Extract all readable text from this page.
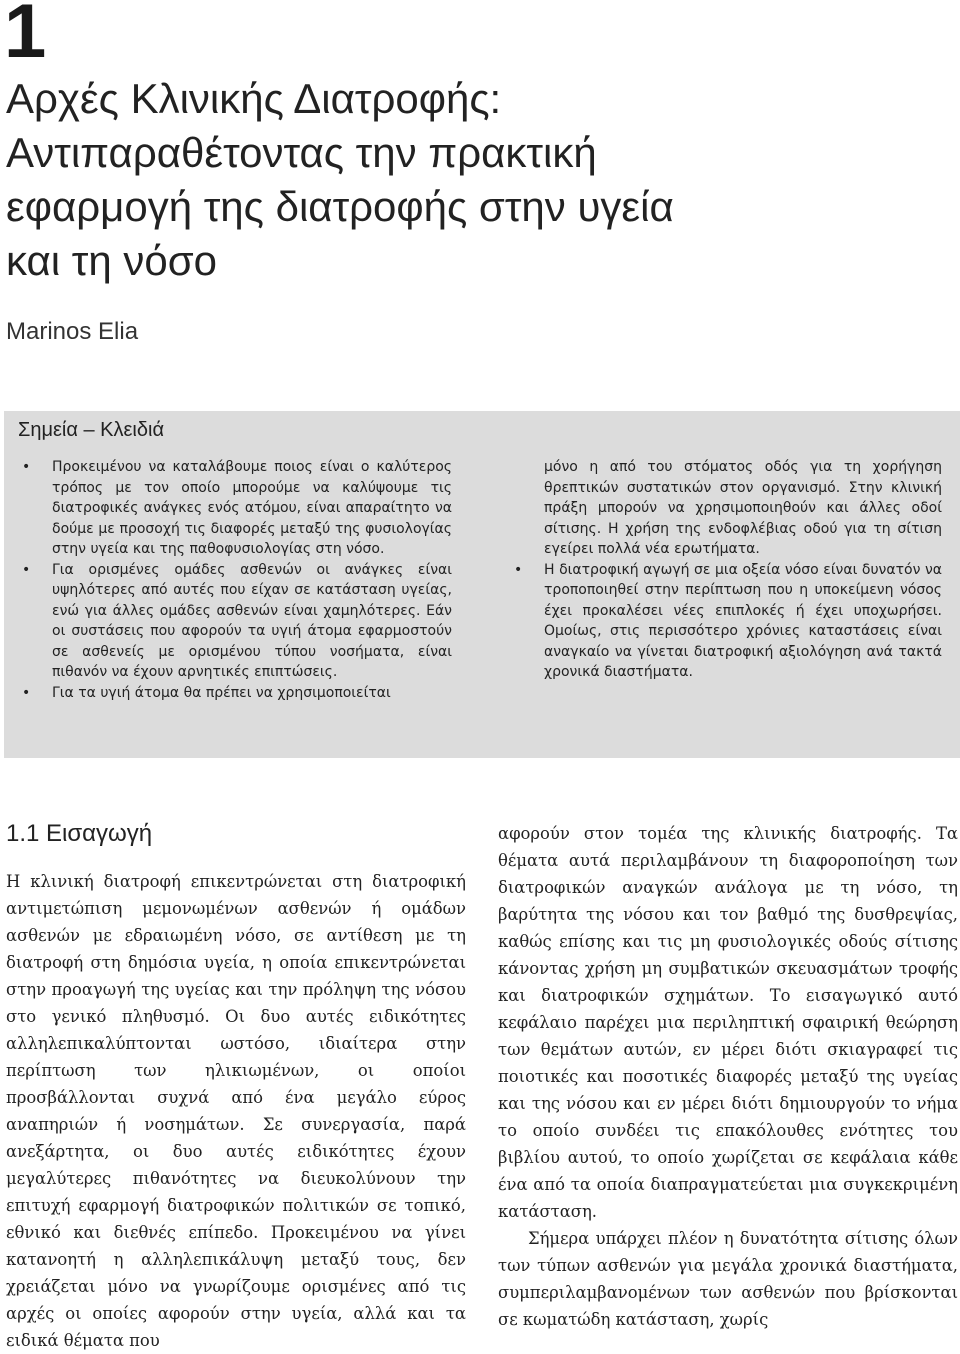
1
Αρχές Κλινικής Διατροφής:
Αντιπαραθέτοντας την πρακτική
εφαρμογή της διατροφής στην υγεία
και τη νόσο
Marinos Elia
Σημεία – Κλειδιά
• Προκειμένου να καταλάβουμε ποιος είναι ο καλύτερος τρόπος με τον οποίο μπορούμε να καλύψουμε τις διατροφικές ανάγκες ενός ατόμου, είναι απαραίτητο να δούμε με προσοχή τις διαφορές μεταξύ της φυσιολογίας στην υγεία και της παθοφυσιολογίας στη νόσο.
• Για ορισμένες ομάδες ασθενών οι ανάγκες είναι υψηλότερες από αυτές που είχαν σε κατάσταση υγείας, ενώ για άλλες ομάδες ασθενών είναι χαμηλότερες. Εάν οι συστάσεις που αφορούν τα υγιή άτομα εφαρμοστούν σε ασθενείς με ορισμένου τύπου νοσήματα, είναι πιθανόν να έχουν αρνητικές επιπτώσεις.
• Για τα υγιή άτομα θα πρέπει να χρησιμοποιείται
μόνο η από του στόματος οδός για τη χορήγηση θρεπτικών συστατικών στον οργανισμό. Στην κλινική πράξη μπορούν να χρησιμοποιηθούν και άλλες οδοί σίτισης. Η χρήση της ενδοφλέβιας οδού για τη σίτιση εγείρει πολλά νέα ερωτήματα.
• Η διατροφική αγωγή σε μια οξεία νόσο είναι δυνατόν να τροποποιηθεί στην περίπτωση που η υποκείμενη νόσος έχει προκαλέσει νέες επιπλοκές ή έχει υποχωρήσει. Ομοίως, στις περισσότερο χρόνιες καταστάσεις είναι αναγκαίο να γίνεται διατροφική αξιολόγηση ανά τακτά χρονικά διαστήματα.
1.1 Εισαγωγή

Η κλινική διατροφή επικεντρώνεται στη διατροφική αντιμετώπιση μεμονωμένων ασθενών ή ομάδων ασθενών με εδραιωμένη νόσο, σε αντίθεση με τη διατροφή στη δημόσια υγεία, η οποία επικεντρώνεται στην προαγωγή της υγείας και την πρόληψη της νόσου στο γενικό πληθυσμό. Οι δυο αυτές ειδικότητες αλληλεπικαλύπτονται ωστόσο, ιδιαίτερα στην περίπτωση των ηλικιωμένων, οι οποίοι προσβάλλονται συχνά από ένα μεγάλο εύρος αναπηριών ή νοσημάτων. Σε συνεργασία, παρά ανεξάρτητα, οι δυο αυτές ειδικότητες έχουν μεγαλύτερες πιθανότητες να διευκολύνουν την επιτυχή εφαρμογή διατροφικών πολιτικών σε τοπικό, εθνικό και διεθνές επίπεδο. Προκειμένου να γίνει κατανοητή η αλληλεπικάλυψη μεταξύ τους, δεν χρειάζεται μόνο να γνωρίζουμε ορισμένες από τις αρχές οι οποίες αφορούν στην υγεία, αλλά και τα ειδικά θέματα που

αφορούν στον τομέα της κλινικής διατροφής. Τα θέματα αυτά περιλαμβάνουν τη διαφοροποίηση των διατροφικών αναγκών ανάλογα με τη νόσο, τη βαρύτητα της νόσου και τον βαθμό της δυσθρεψίας, καθώς επίσης και τις μη φυσιολογικές οδούς σίτισης κάνοντας χρήση μη συμβατικών σκευασμάτων τροφής και διατροφικών σχημάτων. Το εισαγωγικό αυτό κεφάλαιο παρέχει μια περιληπτική σφαιρική θεώρηση των θεμάτων αυτών, εν μέρει διότι σκιαγραφεί τις ποιοτικές και ποσοτικές διαφορές μεταξύ της υγείας και της νόσου και εν μέρει διότι δημιουργούν το νήμα το οποίο συνδέει τις επακόλουθες ενότητες του βιβλίου αυτού, το οποίο χωρίζεται σε κεφάλαια κάθε ένα από τα οποία διαπραγματεύεται μια συγκεκριμένη κατάσταση.

Σήμερα υπάρχει πλέον η δυνατότητα σίτισης όλων των τύπων ασθενών για μεγάλα χρονικά διαστήματα, συμπεριλαμβανομένων των ασθενών που βρίσκονται σε κωματώδη κατάσταση, χωρίς
